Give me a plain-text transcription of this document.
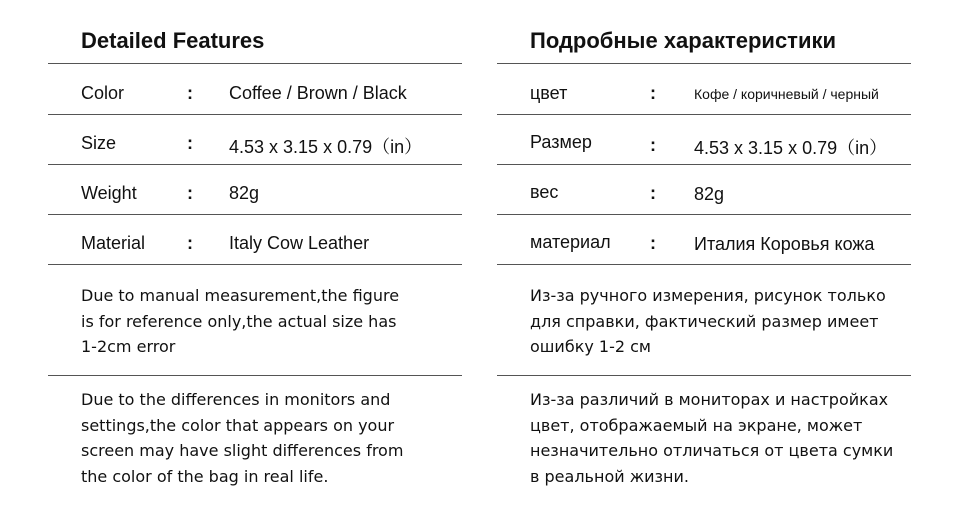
Detailed Features
Color	: Coffee / Brown / Black
Size	: 4.53 x 3.15 x 0.79（in）
Weight	: 82g
Material : Italy Cow Leather
Due to manual measurement,the figure
is for reference only,the actual size has
1-2cm error
Due to the differences in monitors and
settings,the color that appears on your
screen may have slight differences from
the color of the bag in real life.
Подробные характеристики
цвет	:	Кофе / коричневый / черный
Размер	: 4.53 x 3.15 x 0.79（in）
вес	: 82g
материал : Италия Коровья кожа
Из-за ручного измерения, рисунок только
для справки, фактический размер имеет
ошибку 1-2 см
Из-за различий в мониторах и настройках
цвет, отображаемый на экране, может
незначительно отличаться от цвета сумки
в реальной жизни.
